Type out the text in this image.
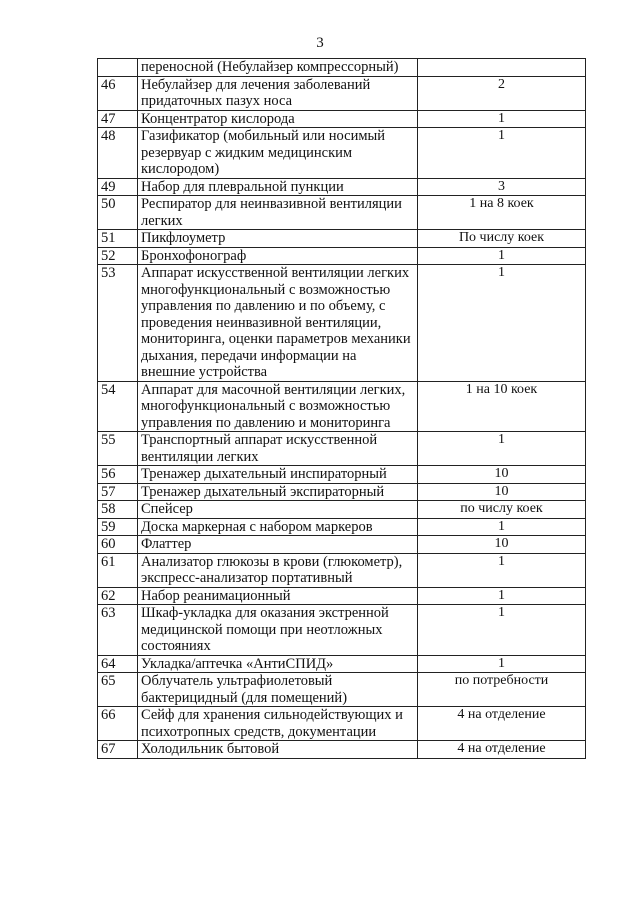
3
	переносной (Небулайзер компрессорный)	
46	Небулайзер для лечения заболеваний придаточных пазух носа	2
47	Концентратор кислорода	1
48	Газификатор (мобильный или носимый резервуар с жидким медицинским кислородом)	1
49	Набор для плевральной пункции	3
50	Респиратор для неинвазивной вентиляции легких	1 на 8 коек
51	Пикфлоуметр	По числу коек
52	Бронхофонограф	1
53	Аппарат искусственной вентиляции легких многофункциональный с возможностью управления по давлению и по объему, с проведения неинвазивной вентиляции, мониторинга, оценки параметров механики дыхания, передачи информации на внешние устройства	1
54	Аппарат для масочной вентиляции легких, многофункциональный с возможностью управления по давлению и мониторинга	1 на 10 коек
55	Транспортный аппарат искусственной вентиляции легких	1
56	Тренажер дыхательный инспираторный	10
57	Тренажер дыхательный экспираторный	10
58	Спейсер	по числу коек
59	Доска маркерная с набором маркеров	1
60	Флаттер	10
61	Анализатор глюкозы в крови (глюкометр), экспресс-анализатор портативный	1
62	Набор реанимационный	1
63	Шкаф-укладка для оказания экстренной медицинской помощи при неотложных состояниях	1
64	Укладка/аптечка «АнтиСПИД»	1
65	Облучатель ультрафиолетовый бактерицидный (для помещений)	по потребности
66	Сейф для хранения сильнодействующих и психотропных средств, документации	4 на отделение
67	Холодильник бытовой	4 на отделение
